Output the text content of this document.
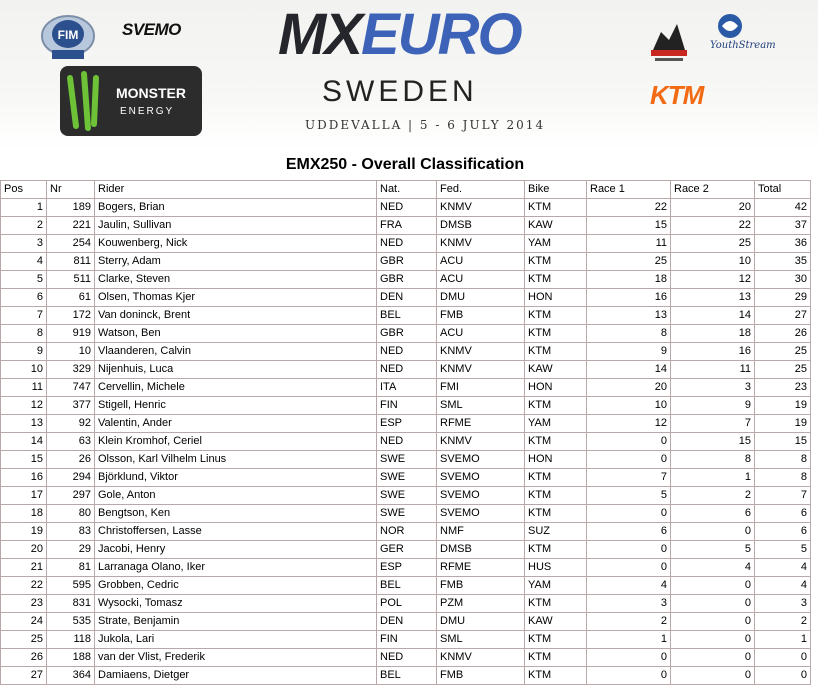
FIM	SVEMO MXEURO
SWEDEN
UDDEVALLA | 5 - 6 JULY 2014
MONSTER
ENERGY
YouthStream
KTM
EMX250 - Overall Classification
Pos	Nr	Rider	Nat.	Fed.	Bike	Race 1	Race 2	Total
1	189	Bogers, Brian	NED	KNMV	KTM	22	20	42
2	221	Jaulin, Sullivan	FRA	DMSB	KAW	15	22	37
3	254	Kouwenberg, Nick	NED	KNMV	YAM	11	25	36
4	811	Sterry, Adam	GBR	ACU	KTM	25	10	35
5	511	Clarke, Steven	GBR	ACU	KTM	18	12	30
6	61	Olsen, Thomas Kjer	DEN	DMU	HON	16	13	29
7	172	Van doninck, Brent	BEL	FMB	KTM	13	14	27
8	919	Watson, Ben	GBR	ACU	KTM	8	18	26
9	10	Vlaanderen, Calvin	NED	KNMV	KTM	9	16	25
10	329	Nijenhuis, Luca	NED	KNMV	KAW	14	11	25
11	747	Cervellin, Michele	ITA	FMI	HON	20	3	23
12	377	Stigell, Henric	FIN	SML	KTM	10	9	19
13	92	Valentin, Ander	ESP	RFME	YAM	12	7	19
14	63	Klein Kromhof, Ceriel	NED	KNMV	KTM	0	15	15
15	26	Olsson, Karl Vilhelm Linus	SWE	SVEMO	HON	0	8	8
16	294	Björklund, Viktor	SWE	SVEMO	KTM	7	1	8
17	297	Gole, Anton	SWE	SVEMO	KTM	5	2	7
18	80	Bengtson, Ken	SWE	SVEMO	KTM	0	6	6
19	83	Christoffersen, Lasse	NOR	NMF	SUZ	6	0	6
20	29	Jacobi, Henry	GER	DMSB	KTM	0	5	5
21	81	Larranaga Olano, Iker	ESP	RFME	HUS	0	4	4
22	595	Grobben, Cedric	BEL	FMB	YAM	4	0	4
23	831	Wysocki, Tomasz	POL	PZM	KTM	3	0	3
24	535	Strate, Benjamin	DEN	DMU	KAW	2	0	2
25	118	Jukola, Lari	FIN	SML	KTM	1	0	1
26	188	van der Vlist, Frederik	NED	KNMV	KTM	0	0	0
27	364	Damiaens, Dietger	BEL	FMB	KTM	0	0	0
